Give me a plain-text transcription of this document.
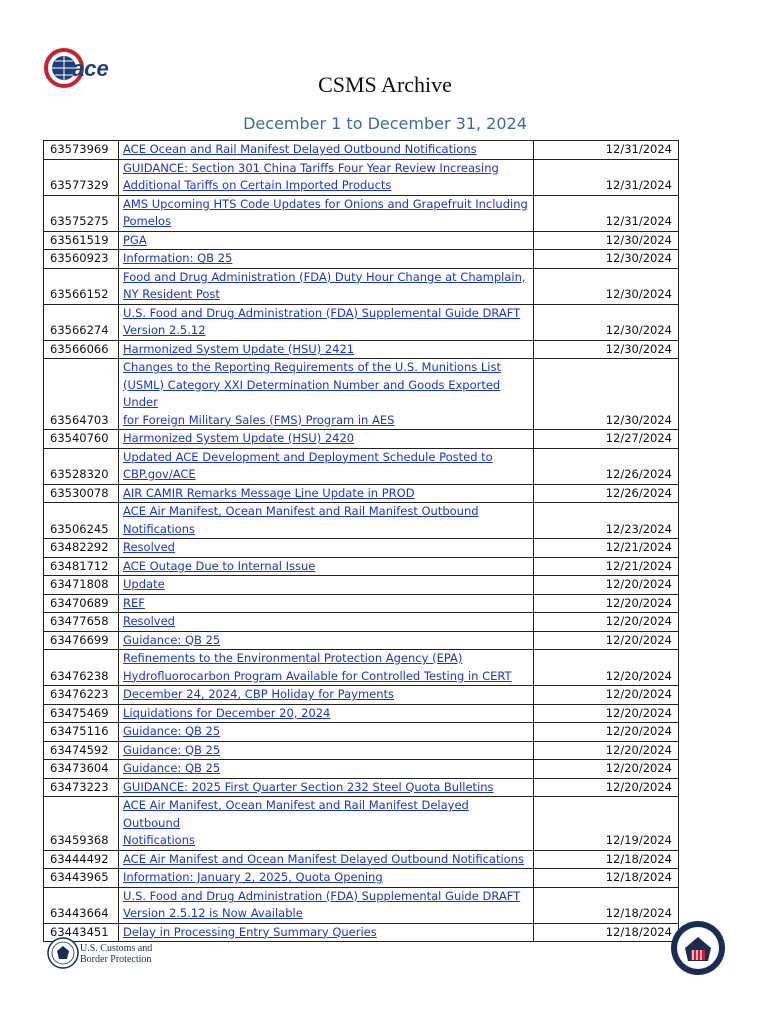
ace
CSMS Archive
December 1 to December 31, 2024
63573969	ACE Ocean and Rail Manifest Delayed Outbound Notifications	12/31/2024
63577329	GUIDANCE: Section 301 China Tariffs Four Year Review Increasing
Additional Tariffs on Certain Imported Products	12/31/2024
63575275	AMS Upcoming HTS Code Updates for Onions and Grapefruit Including
Pomelos	12/31/2024
63561519	PGA	12/30/2024
63560923	Information: QB 25	12/30/2024
63566152	Food and Drug Administration (FDA) Duty Hour Change at Champlain,
NY Resident Post	12/30/2024
63566274	U.S. Food and Drug Administration (FDA) Supplemental Guide DRAFT
Version 2.5.12	12/30/2024
63566066	Harmonized System Update (HSU) 2421	12/30/2024
63564703	Changes to the Reporting Requirements of the U.S. Munitions List
(USML) Category XXI Determination Number and Goods Exported Under
for Foreign Military Sales (FMS) Program in AES	12/30/2024
63540760	Harmonized System Update (HSU) 2420	12/27/2024
63528320	Updated ACE Development and Deployment Schedule Posted to
CBP.gov/ACE	12/26/2024
63530078	AIR CAMIR Remarks Message Line Update in PROD	12/26/2024
63506245	ACE Air Manifest, Ocean Manifest and Rail Manifest Outbound
Notifications	12/23/2024
63482292	Resolved	12/21/2024
63481712	ACE Outage Due to Internal Issue	12/21/2024
63471808	Update	12/20/2024
63470689	REF	12/20/2024
63477658	Resolved	12/20/2024
63476699	Guidance: QB 25	12/20/2024
63476238	Refinements to the Environmental Protection Agency (EPA)
Hydrofluorocarbon Program Available for Controlled Testing in CERT	12/20/2024
63476223	December 24, 2024, CBP Holiday for Payments	12/20/2024
63475469	Liquidations for December 20, 2024	12/20/2024
63475116	Guidance: QB 25	12/20/2024
63474592	Guidance: QB 25	12/20/2024
63473604	Guidance: QB 25	12/20/2024
63473223	GUIDANCE: 2025 First Quarter Section 232 Steel Quota Bulletins	12/20/2024
63459368	ACE Air Manifest, Ocean Manifest and Rail Manifest Delayed Outbound
Notifications	12/19/2024
63444492	ACE Air Manifest and Ocean Manifest Delayed Outbound Notifications	12/18/2024
63443965	Information: January 2, 2025, Quota Opening	12/18/2024
63443664	U.S. Food and Drug Administration (FDA) Supplemental Guide DRAFT
Version 2.5.12 is Now Available	12/18/2024
63443451	Delay in Processing Entry Summary Queries	12/18/2024
U.S. Customs and
Border Protection
